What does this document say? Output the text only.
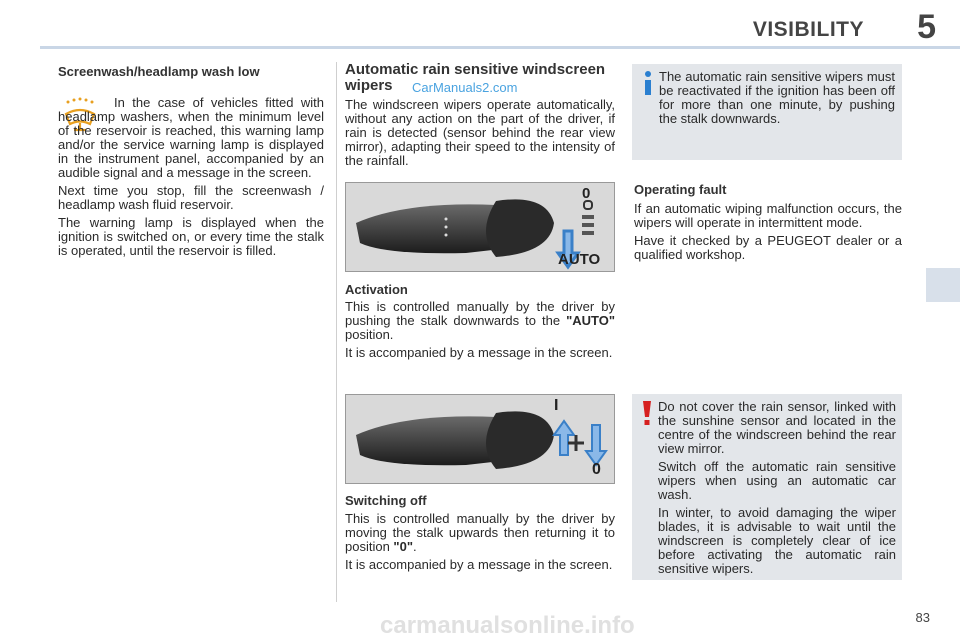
VISIBILITY 5
Screenwash/headlamp wash low

In the case of vehicles fitted with headlamp washers, when the minimum level of the reservoir is reached, this warning lamp and/or the service warning lamp is displayed in the instrument panel, accompanied by an audible signal and a message in the screen.

Next time you stop, fill the screenwash / headlamp wash fluid reservoir.

The warning lamp is displayed when the ignition is switched on, or every time the stalk is operated, until the reservoir is filled.

Automatic rain sensitive windscreen wipers	CarManuals2.com

The windscreen wipers operate automatically, without any action on the part of the driver, if rain is detected (sensor behind the rear view mirror), adapting their speed to the intensity of the rainfall.

0
AUTO
Activation

This is controlled manually by the driver by pushing the stalk downwards to the "AUTO" position.

It is accompanied by a message in the screen.

I
0
Switching off

This is controlled manually by the driver by moving the stalk upwards then returning it to position "0".

It is accompanied by a message in the screen.

The automatic rain sensitive wipers must be reactivated if the ignition has been off for more than one minute, by pushing the stalk downwards.

Operating fault

If an automatic wiping malfunction occurs, the wipers will operate in intermittent mode.

Have it checked by a PEUGEOT dealer or a qualified workshop.

Do not cover the rain sensor, linked with the sunshine sensor and located in the centre of the windscreen behind the rear view mirror.

Switch off the automatic rain sensitive wipers when using an automatic car wash.

In winter, to avoid damaging the wiper blades, it is advisable to wait until the windscreen is completely clear of ice before activating the automatic rain sensitive wipers.

carmanualsonline.info	83
